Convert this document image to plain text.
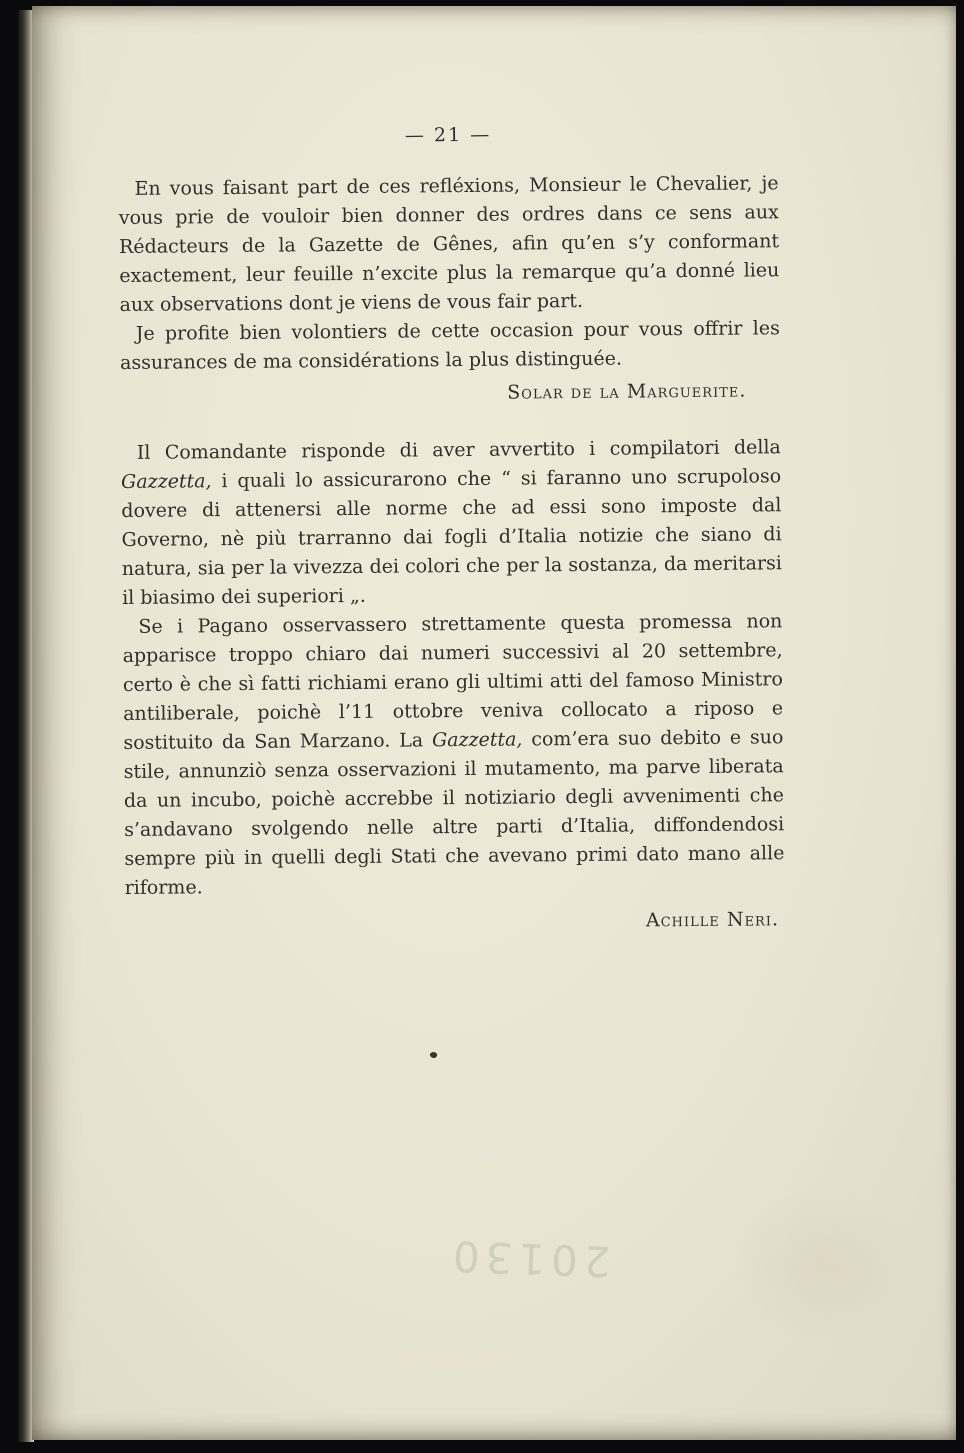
— 21 —

En vous faisant part de ces refléxions, Monsieur le Chevalier, je vous prie de vouloir bien donner des ordres dans ce sens aux Rédacteurs de la Gazette de Gênes, afin qu’en s’y conformant exactement, leur feuille n’excite plus la remarque qu’a donné lieu aux observations dont je viens de vous fair part.

Je profite bien volontiers de cette occasion pour vous offrir les assurances de ma considérations la plus distinguée.

Solar de la Marguerite.

Il Comandante risponde di aver avvertito i compilatori della Gazzetta, i quali lo assicurarono che “ si faranno uno scrupoloso dovere di attenersi alle norme che ad essi sono imposte dal Governo, nè più trarranno dai fogli d’Italia notizie che siano di natura, sia per la vivezza dei colori che per la sostanza, da meritarsi il biasimo dei superiori „.

Se i Pagano osservassero strettamente questa promessa non apparisce troppo chiaro dai numeri successivi al 20 settembre, certo è che sì fatti richiami erano gli ultimi atti del famoso Ministro antiliberale, poichè l’11 ottobre veniva collocato a riposo e sostituito da San Marzano. La Gazzetta, com’era suo debito e suo stile, annunziò senza osservazioni il mutamento, ma parve liberata da un incubo, poichè accrebbe il notiziario degli avvenimenti che s’andavano svolgendo nelle altre parti d’Italia, diffondendosi sempre più in quelli degli Stati che avevano primi dato mano alle riforme.

Achille Neri.

20130
